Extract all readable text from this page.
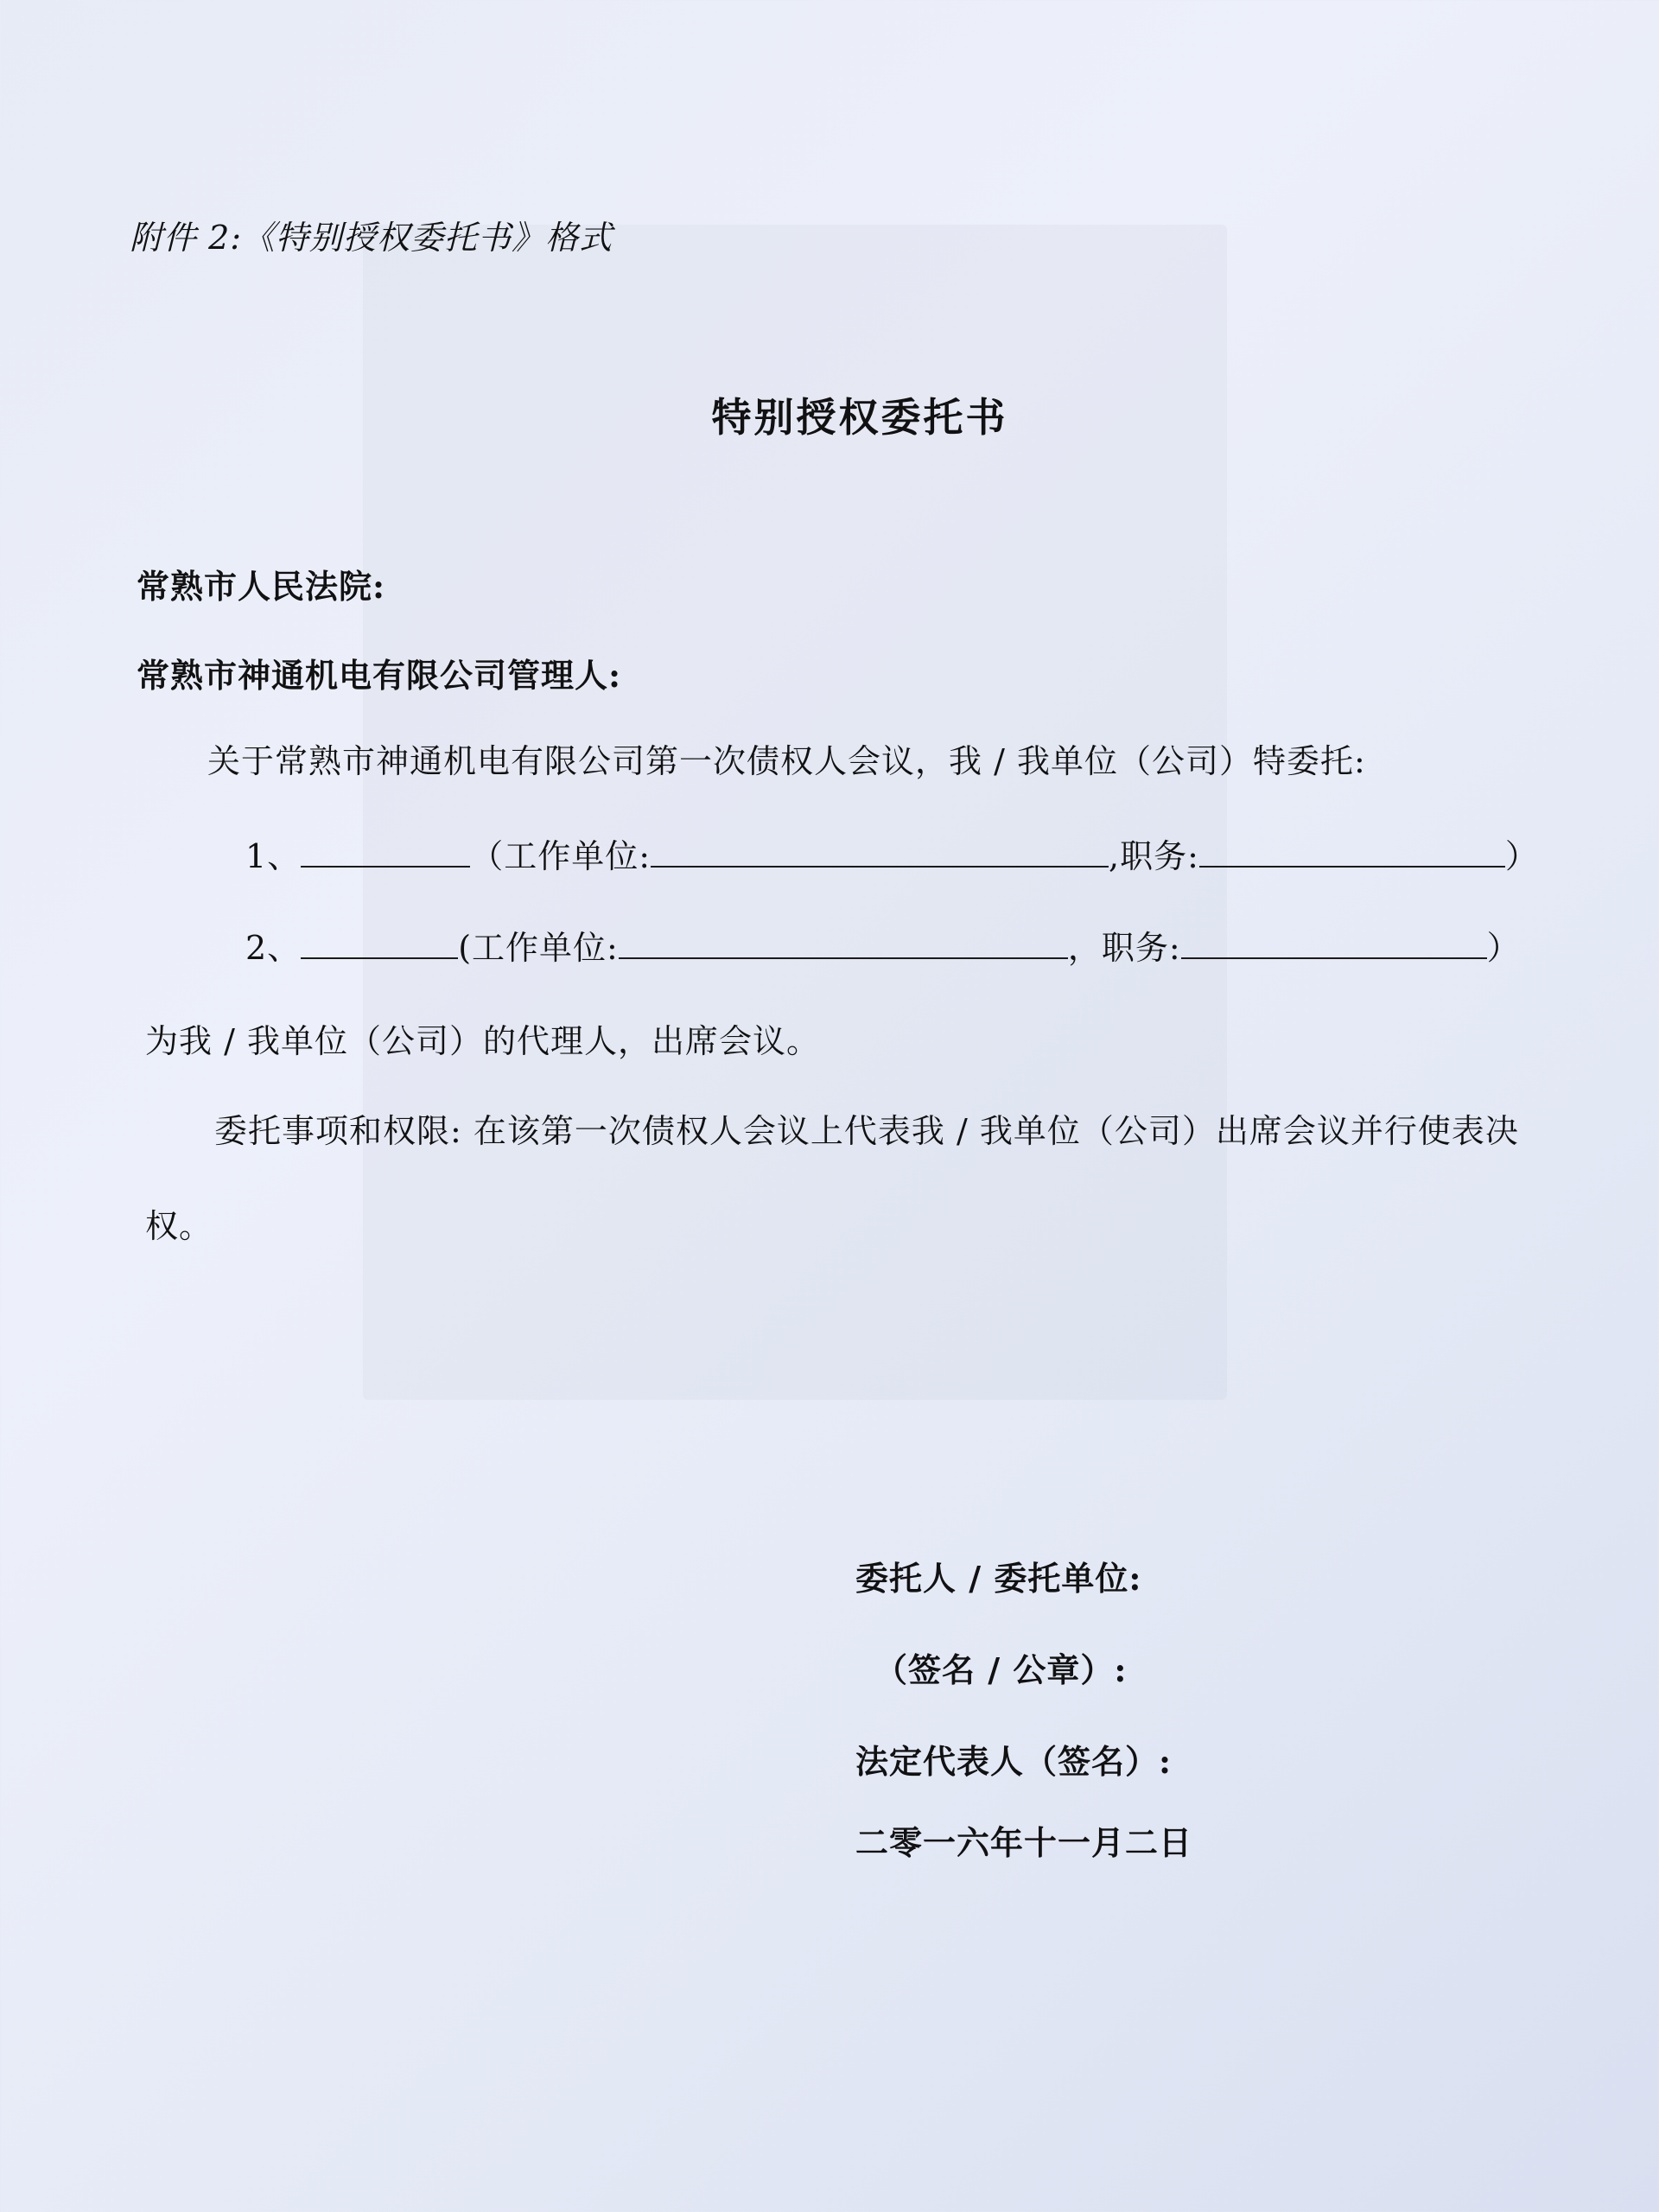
附件 2:《特别授权委托书》格式
特别授权委托书
常熟市人民法院:
常熟市神通机电有限公司管理人:
关于常熟市神通机电有限公司第一次债权人会议，我 / 我单位（公司）特委托:
1、	（工作单位:	,职务:	）
2、	(工作单位:	，职务:	）
为我 / 我单位（公司）的代理人，出席会议。
委托事项和权限: 在该第一次债权人会议上代表我 / 我单位（公司）出席会议并行使表决
权。
委托人 / 委托单位:
（签名 / 公章）:
法定代表人（签名）:
二零一六年十一月二日
